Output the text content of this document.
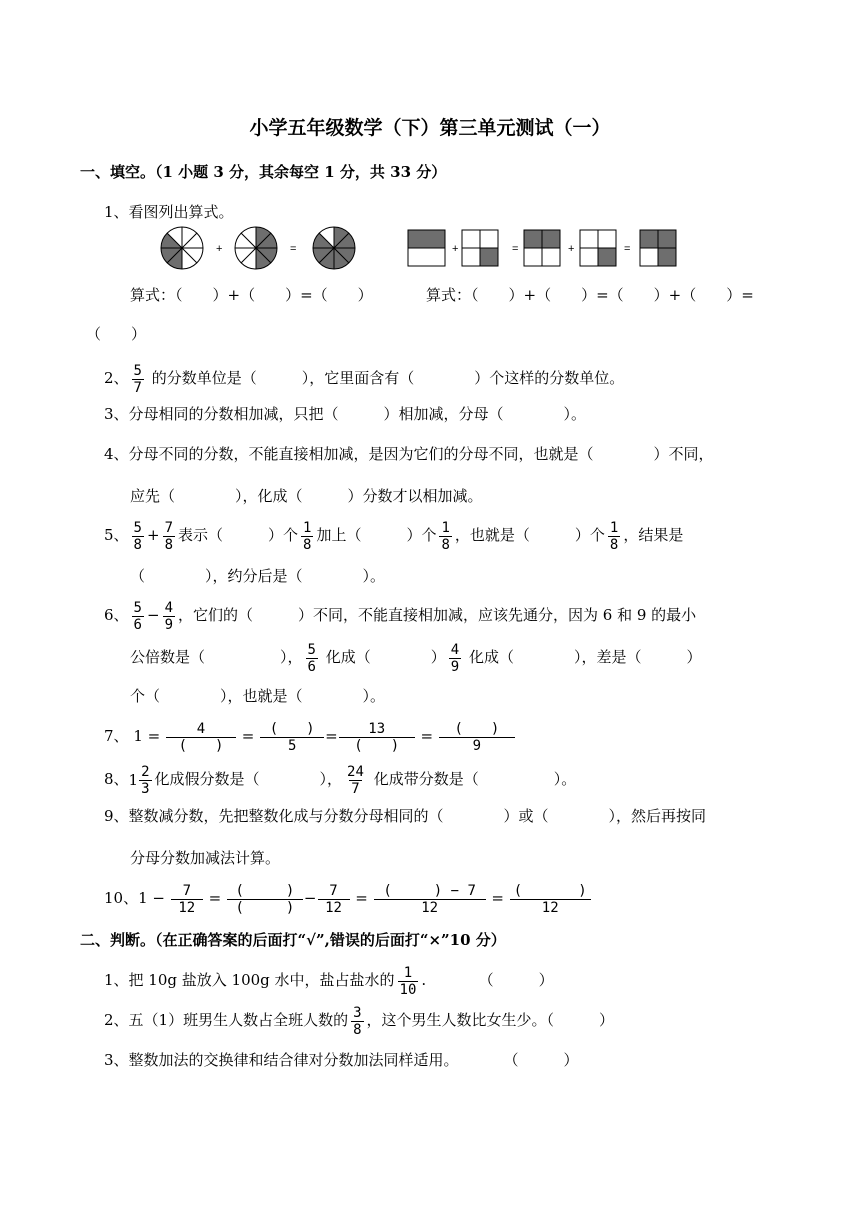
小学五年级数学（下）第三单元测试（一）
一、填空。（1 小题 3 分，其余每空 1 分，共 33 分）
1、看图列出算式。
+	=	+	=	+	=
算式：（　　）+（　　）=（　　）	算式：（　　）+（　　）=（　　）+（　　）=
（　　）
2、 $\frac{5}{7}$ 的分数单位是（　　　），它里面含有（　　　　）个这样的分数单位。
3、分母相同的分数相加减，只把（　　　）相加减，分母（　　　　）。
4、分母不同的分数，不能直接相加减，是因为它们的分母不同，也就是（　　　　）不同，
应先（　　　　），化成（　　　）分数才以相加减。
5、 $\frac{5}{8} + \frac{7}{8}$ 表示（　　　）个 $\frac{1}{8}$ 加上（　　　）个 $\frac{1}{8}$ ，也就是（　　　）个 $\frac{1}{8}$ ，结果是
（　　　　），约分后是（　　　　）。
6、 $\frac{5}{6} - \frac{4}{9}$ ，它们的（　　　）不同，不能直接相加减，应该先通分，因为 6 和 9 的最小
公倍数是（　　　　　）， $\frac{5}{6}$ 化成（　　　　） $\frac{4}{9}$ 化成（　　　　），差是（　　　）
个（　　　　），也就是（　　　　）。
7、 $1 = \frac{4}{( )} = \frac{( )}{5} = \frac{13}{( )} = \frac{( )}{9}$
8、 $1 \frac{2}{3}$ 化成假分数是（　　　　）， $\frac{24}{7}$ 化成带分数是（　　　　　）。
9、整数减分数，先把整数化成与分数分母相同的（　　　　）或（　　　　），然后再按同
分母分数加减法计算。
10、$1 - \frac{7}{12} = \frac{( )}{( )} - \frac{7}{12} = \frac{( ) - 7}{12} = \frac{( )}{12}$
二、判断。（在正确答案的后面打“√”,错误的后面打“×”10 分）
1、把 10g 盐放入 100g 水中，盐占盐水的 $\frac{1}{10}$ .　　　　（　　　）
2、五（1）班男生人数占全班人数的 $\frac{3}{8}$ ，这个男生人数比女生少。（　　　）
3、整数加法的交换律和结合律对分数加法同样适用。　　　　（　　　）
